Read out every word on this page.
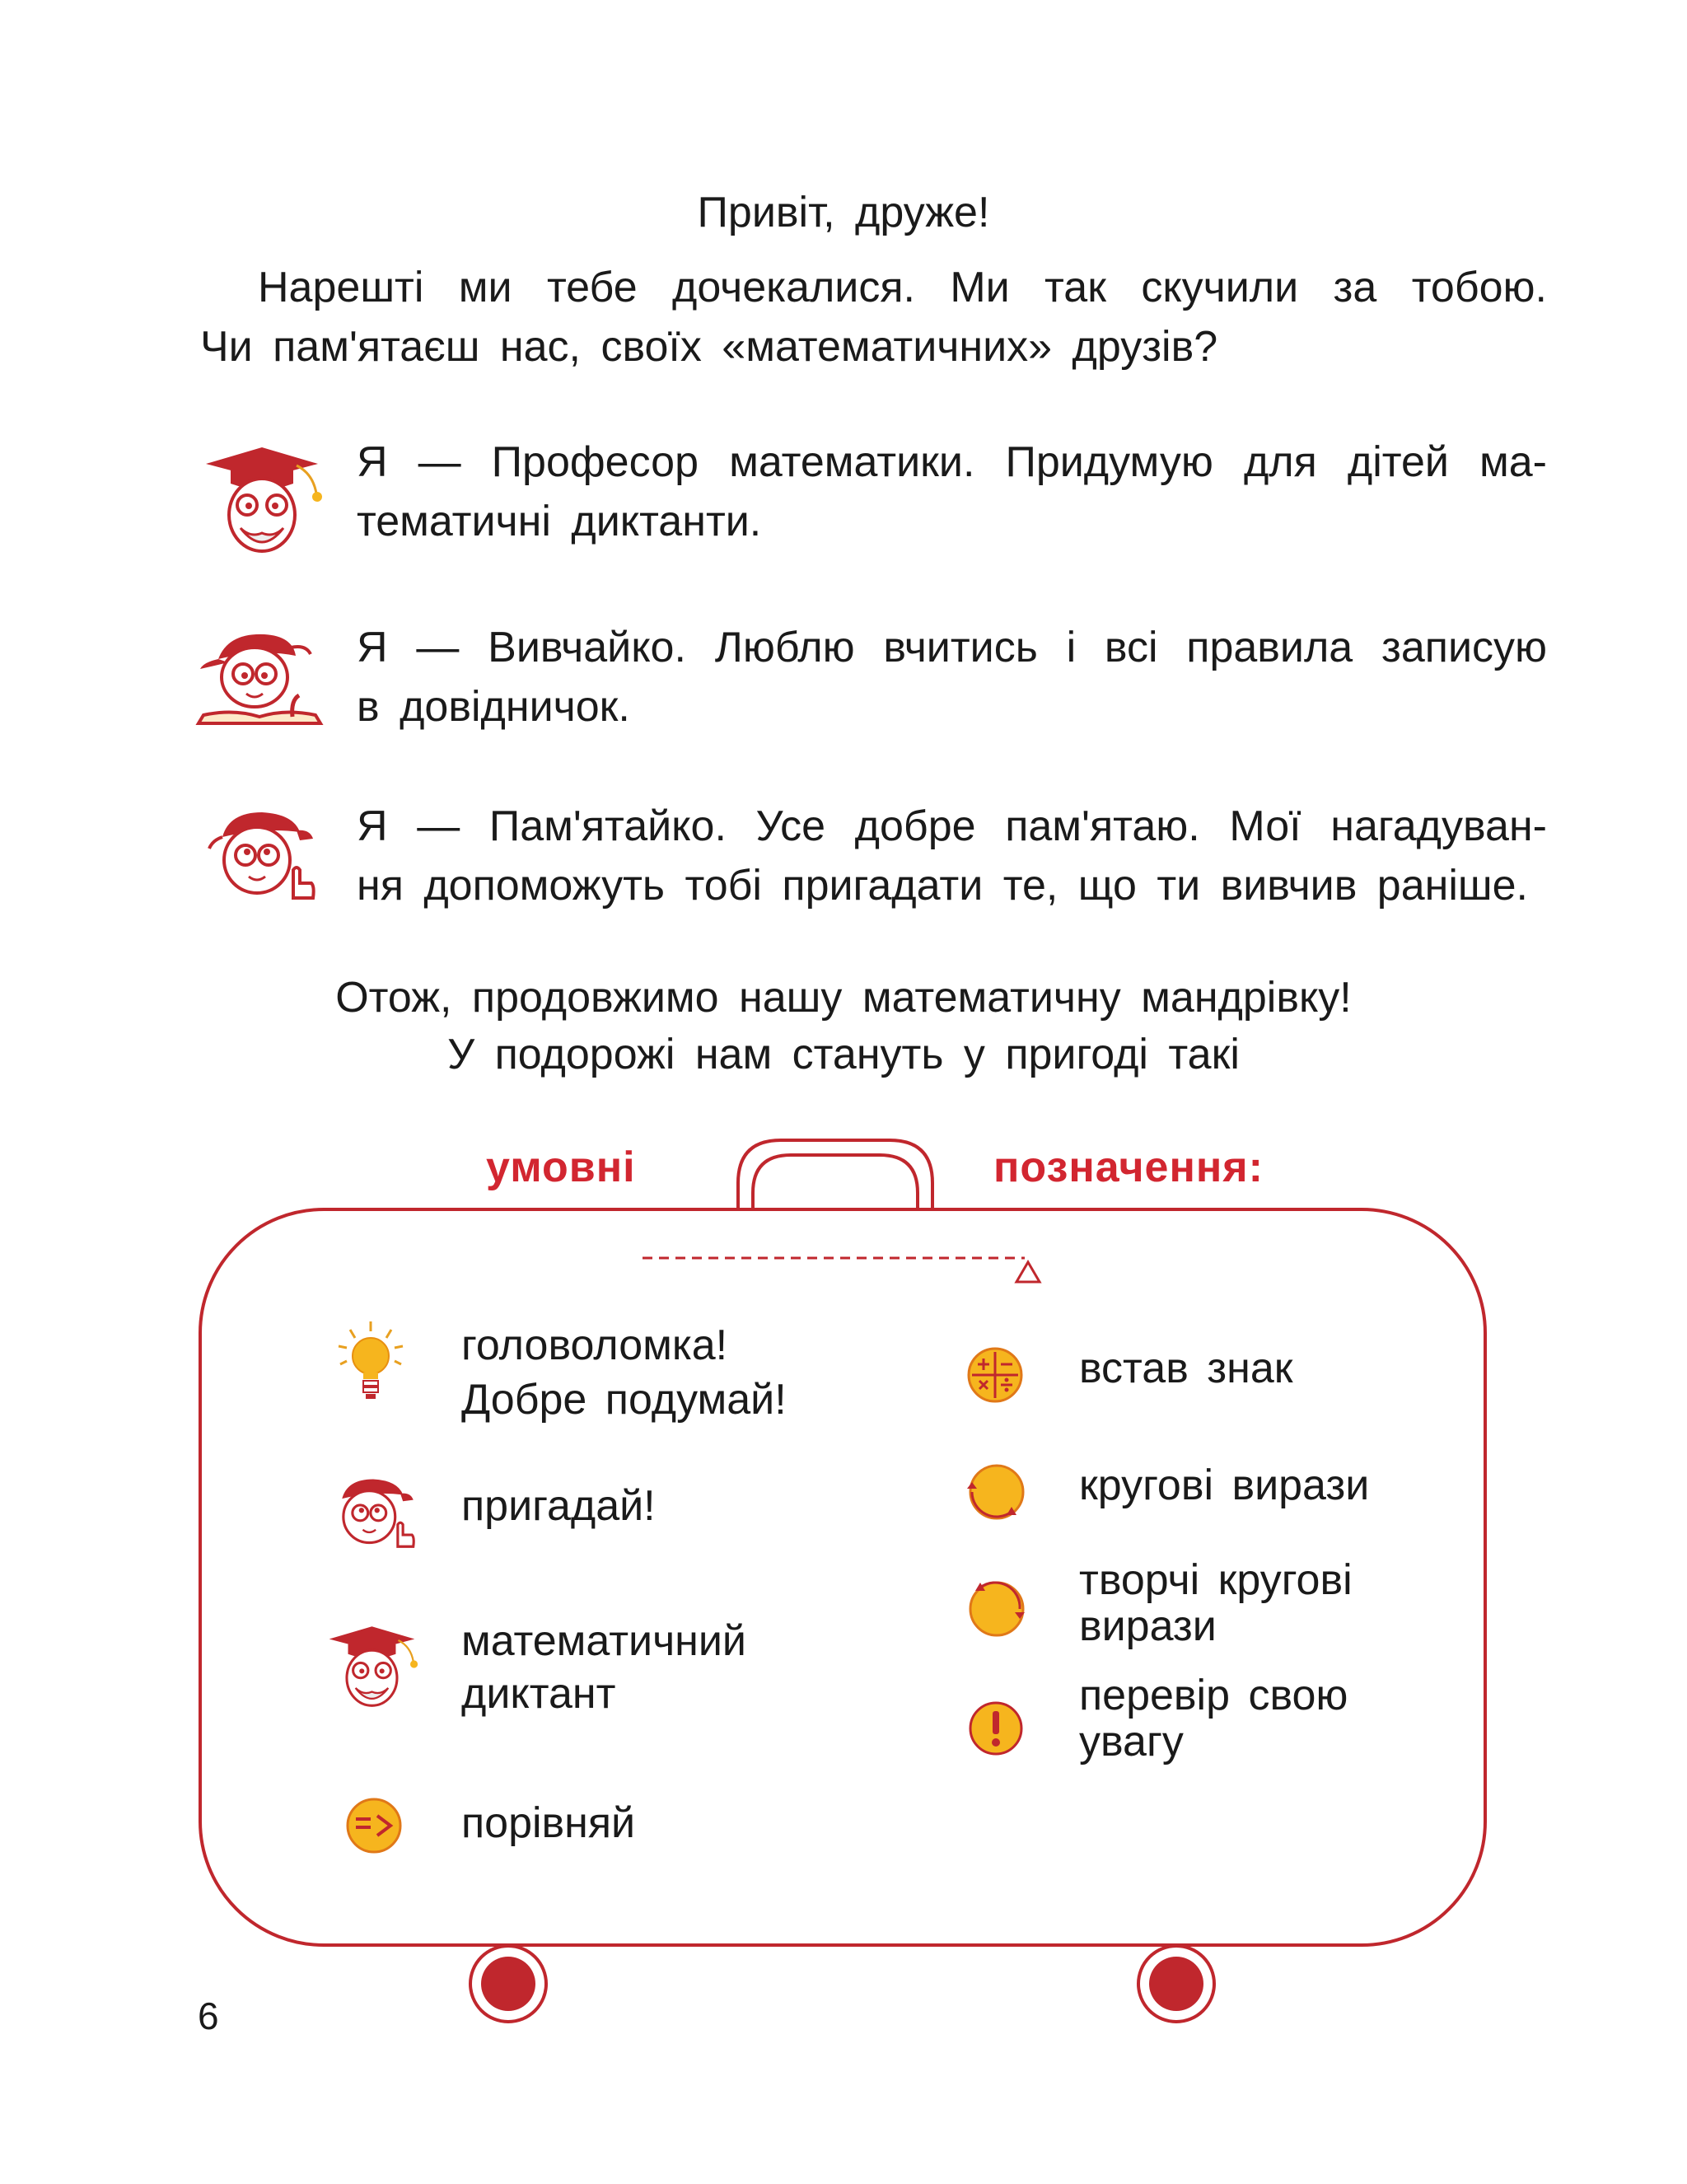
Привіт, друже!
Нарешті ми тебе дочекалися. Ми так скучили за тобою.
Чи пам'ятаєш нас, своїх «математичних» друзів?
Я — Професор математики. Придумую для дітей ма-
тематичні диктанти.
Я — Вивчайко. Люблю вчитись і всі правила записую
в довідничок.
Я — Пам'ятайко. Усе добре пам'ятаю. Мої нагадуван-
ня допоможуть тобі пригадати те, що ти вивчив раніше.
Отож, продовжимо нашу математичну мандрівку!
У подорожі нам стануть у пригоді такі
умовні	позначення:
головоломка!
Добре подумай!
пригадай!
математичний
диктант
порівняй
встав знак
кругові вирази
творчі кругові
вирази
перевір свою
увагу
6
